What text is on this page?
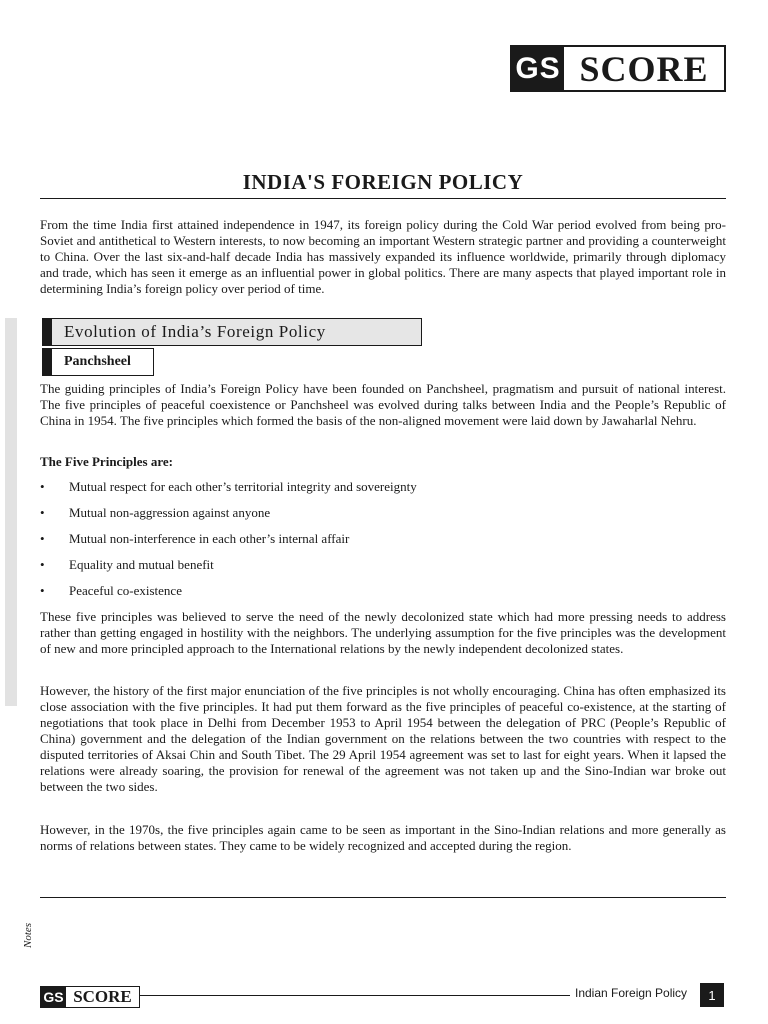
GS SCORE
INDIA'S FOREIGN POLICY

From the time India first attained independence in 1947, its foreign policy during the Cold War period evolved from being pro-Soviet and antithetical to Western interests, to now becoming an important Western strategic partner and providing a counterweight to China. Over the last six-and-half decade India has massively expanded its influence worldwide, primarily through diplomacy and trade, which has seen it emerge as an influential power in global politics. There are many aspects that played important role in determining India’s foreign policy over period of time.

Evolution of India’s Foreign Policy
Panchsheel

The guiding principles of India’s Foreign Policy have been founded on Panchsheel, pragmatism and pursuit of national interest. The five principles of peaceful coexistence or Panchsheel was evolved during talks between India and the People’s Republic of China in 1954. The five principles which formed the basis of the non-aligned movement were laid down by Jawaharlal Nehru.

The Five Principles are:

• Mutual respect for each other’s territorial integrity and sovereignty
• Mutual non-aggression against anyone
• Mutual non-interference in each other’s internal affair
• Equality and mutual benefit
• Peaceful co-existence

These five principles was believed to serve the need of the newly decolonized state which had more pressing needs to address rather than getting engaged in hostility with the neighbors. The underlying assumption for the five principles was the development of new and more principled approach to the International relations by the newly independent decolonized states.

However, the history of the first major enunciation of the five principles is not wholly encouraging. China has often emphasized its close association with the five principles. It had put them forward as the five principles of peaceful co-existence, at the starting of negotiations that took place in Delhi from December 1953 to April 1954 between the delegation of PRC (People’s Republic of China) government and the delegation of the Indian government on the relations between the two countries with respect to the disputed territories of Aksai Chin and South Tibet. The 29 April 1954 agreement was set to last for eight years. When it lapsed the relations were already soaring, the provision for renewal of the agreement was not taken up and the Sino-Indian war broke out between the two sides.

However, in the 1970s, the five principles again came to be seen as important in the Sino-Indian relations and more generally as norms of relations between states. They came to be widely recognized and accepted during the region.

Notes

GS SCORE	Indian Foreign Policy	1
